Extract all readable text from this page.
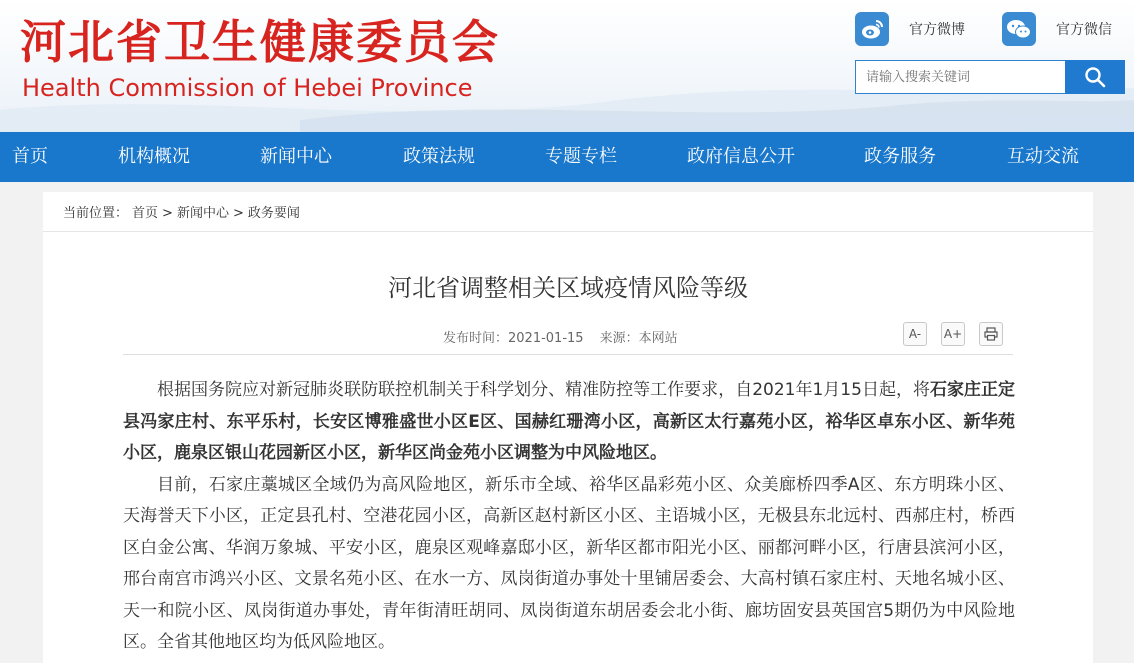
河北省卫生健康委员会
Health Commission of Hebei Province
官方微博	官方微信
请输入搜索关键词
首页	机构概况	新闻中心	政策法规	专题专栏	政府信息公开	政务服务	互动交流
当前位置： 首页 > 新闻中心 > 政务要闻
河北省调整相关区域疫情风险等级
发布时间：2021-01-15 来源：本网站	A- A+

根据国务院应对新冠肺炎联防联控机制关于科学划分、精准防控等工作要求，自2021年1月15日起，将石家庄正定县冯家庄村、东平乐村，长安区博雅盛世小区E区、国赫红珊湾小区，高新区太行嘉苑小区，裕华区卓东小区、新华苑小区，鹿泉区银山花园新区小区，新华区尚金苑小区调整为中风险地区。

目前，石家庄藁城区全域仍为高风险地区，新乐市全域、裕华区晶彩苑小区、众美廊桥四季A区、东方明珠小区、天海誉天下小区，正定县孔村、空港花园小区，高新区赵村新区小区、主语城小区，无极县东北远村、西郝庄村，桥西区白金公寓、华润万象城、平安小区，鹿泉区观峰嘉邸小区，新华区都市阳光小区、丽都河畔小区，行唐县滨河小区，邢台南宫市鸿兴小区、文景名苑小区、在水一方、凤岗街道办事处十里铺居委会、大高村镇石家庄村、天地名城小区、天一和院小区、凤岗街道办事处，青年街清旺胡同、凤岗街道东胡居委会北小街、廊坊固安县英国宫5期仍为中风险地区。全省其他地区均为低风险地区。
